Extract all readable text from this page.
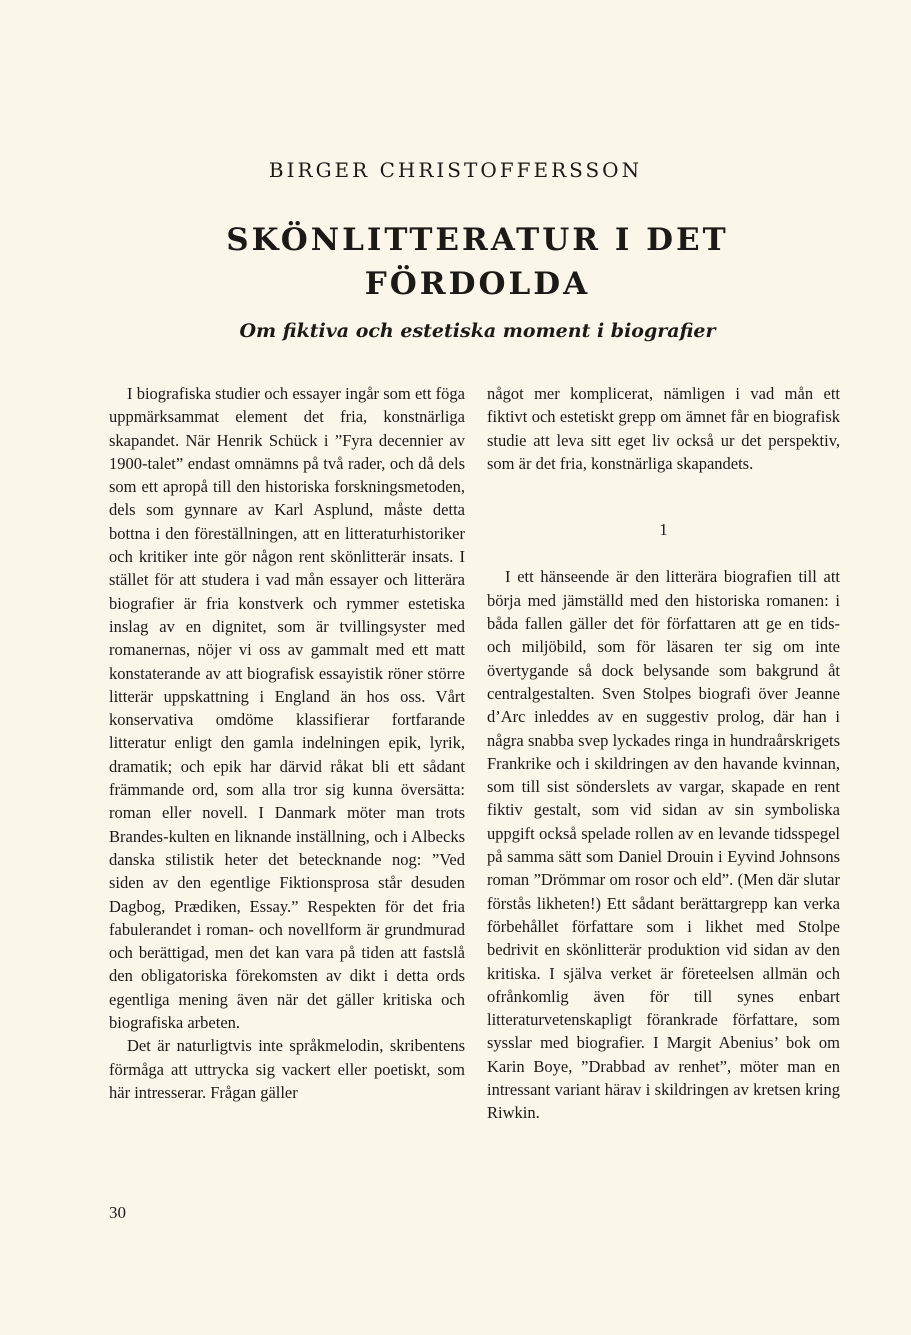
BIRGER CHRISTOFFERSSON
SKÖNLITTERATUR I DET
FÖRDOLDA
Om fiktiva och estetiska moment i biografier

I biografiska studier och essayer ingår som ett föga uppmärksammat element det fria, konstnärliga skapandet. När Henrik Schück i ”Fyra decennier av 1900-talet” endast omnämns på två rader, och då dels som ett apropå till den historiska forskningsmetoden, dels som gynnare av Karl Asplund, måste detta bottna i den föreställningen, att en litteraturhistoriker och kritiker inte gör någon rent skönlitterär insats. I stället för att studera i vad mån essayer och litterära biografier är fria konstverk och rymmer estetiska inslag av en dignitet, som är tvillingsyster med romanernas, nöjer vi oss av gammalt med ett matt konstaterande av att biografisk essayistik röner större litterär uppskattning i England än hos oss. Vårt konservativa omdöme klassifierar fortfarande litteratur enligt den gamla indelningen epik, lyrik, dramatik; och epik har därvid råkat bli ett sådant främmande ord, som alla tror sig kunna översätta: roman eller novell. I Danmark möter man trots Brandes-kulten en liknande inställning, och i Albecks danska stilistik heter det betecknande nog: ”Ved siden av den egentlige Fiktionsprosa står desuden Dagbog, Prædiken, Essay.” Respekten för det fria fabulerandet i roman- och novellform är grundmurad och berättigad, men det kan vara på tiden att fastslå den obligatoriska förekomsten av dikt i detta ords egentliga mening även när det gäller kritiska och biografiska arbeten.

Det är naturligtvis inte språkmelodin, skribentens förmåga att uttrycka sig vackert eller poetiskt, som här intresserar. Frågan gäller

något mer komplicerat, nämligen i vad mån ett fiktivt och estetiskt grepp om ämnet får en biografisk studie att leva sitt eget liv också ur det perspektiv, som är det fria, konstnärliga skapandets.

1

I ett hänseende är den litterära biografien till att börja med jämställd med den historiska romanen: i båda fallen gäller det för författaren att ge en tids- och miljöbild, som för läsaren ter sig om inte övertygande så dock belysande som bakgrund åt centralgestalten. Sven Stolpes biografi över Jeanne d’Arc inleddes av en suggestiv prolog, där han i några snabba svep lyckades ringa in hundraårskrigets Frankrike och i skildringen av den havande kvinnan, som till sist sönderslets av vargar, skapade en rent fiktiv gestalt, som vid sidan av sin symboliska uppgift också spelade rollen av en levande tidsspegel på samma sätt som Daniel Drouin i Eyvind Johnsons roman ”Drömmar om rosor och eld”. (Men där slutar förstås likheten!) Ett sådant berättargrepp kan verka förbehållet författare som i likhet med Stolpe bedrivit en skönlitterär produktion vid sidan av den kritiska. I själva verket är företeelsen allmän och ofrånkomlig även för till synes enbart litteraturvetenskapligt förankrade författare, som sysslar med biografier. I Margit Abenius’ bok om Karin Boye, ”Drabbad av renhet”, möter man en intressant variant härav i skildringen av kretsen kring Riwkin.

30
